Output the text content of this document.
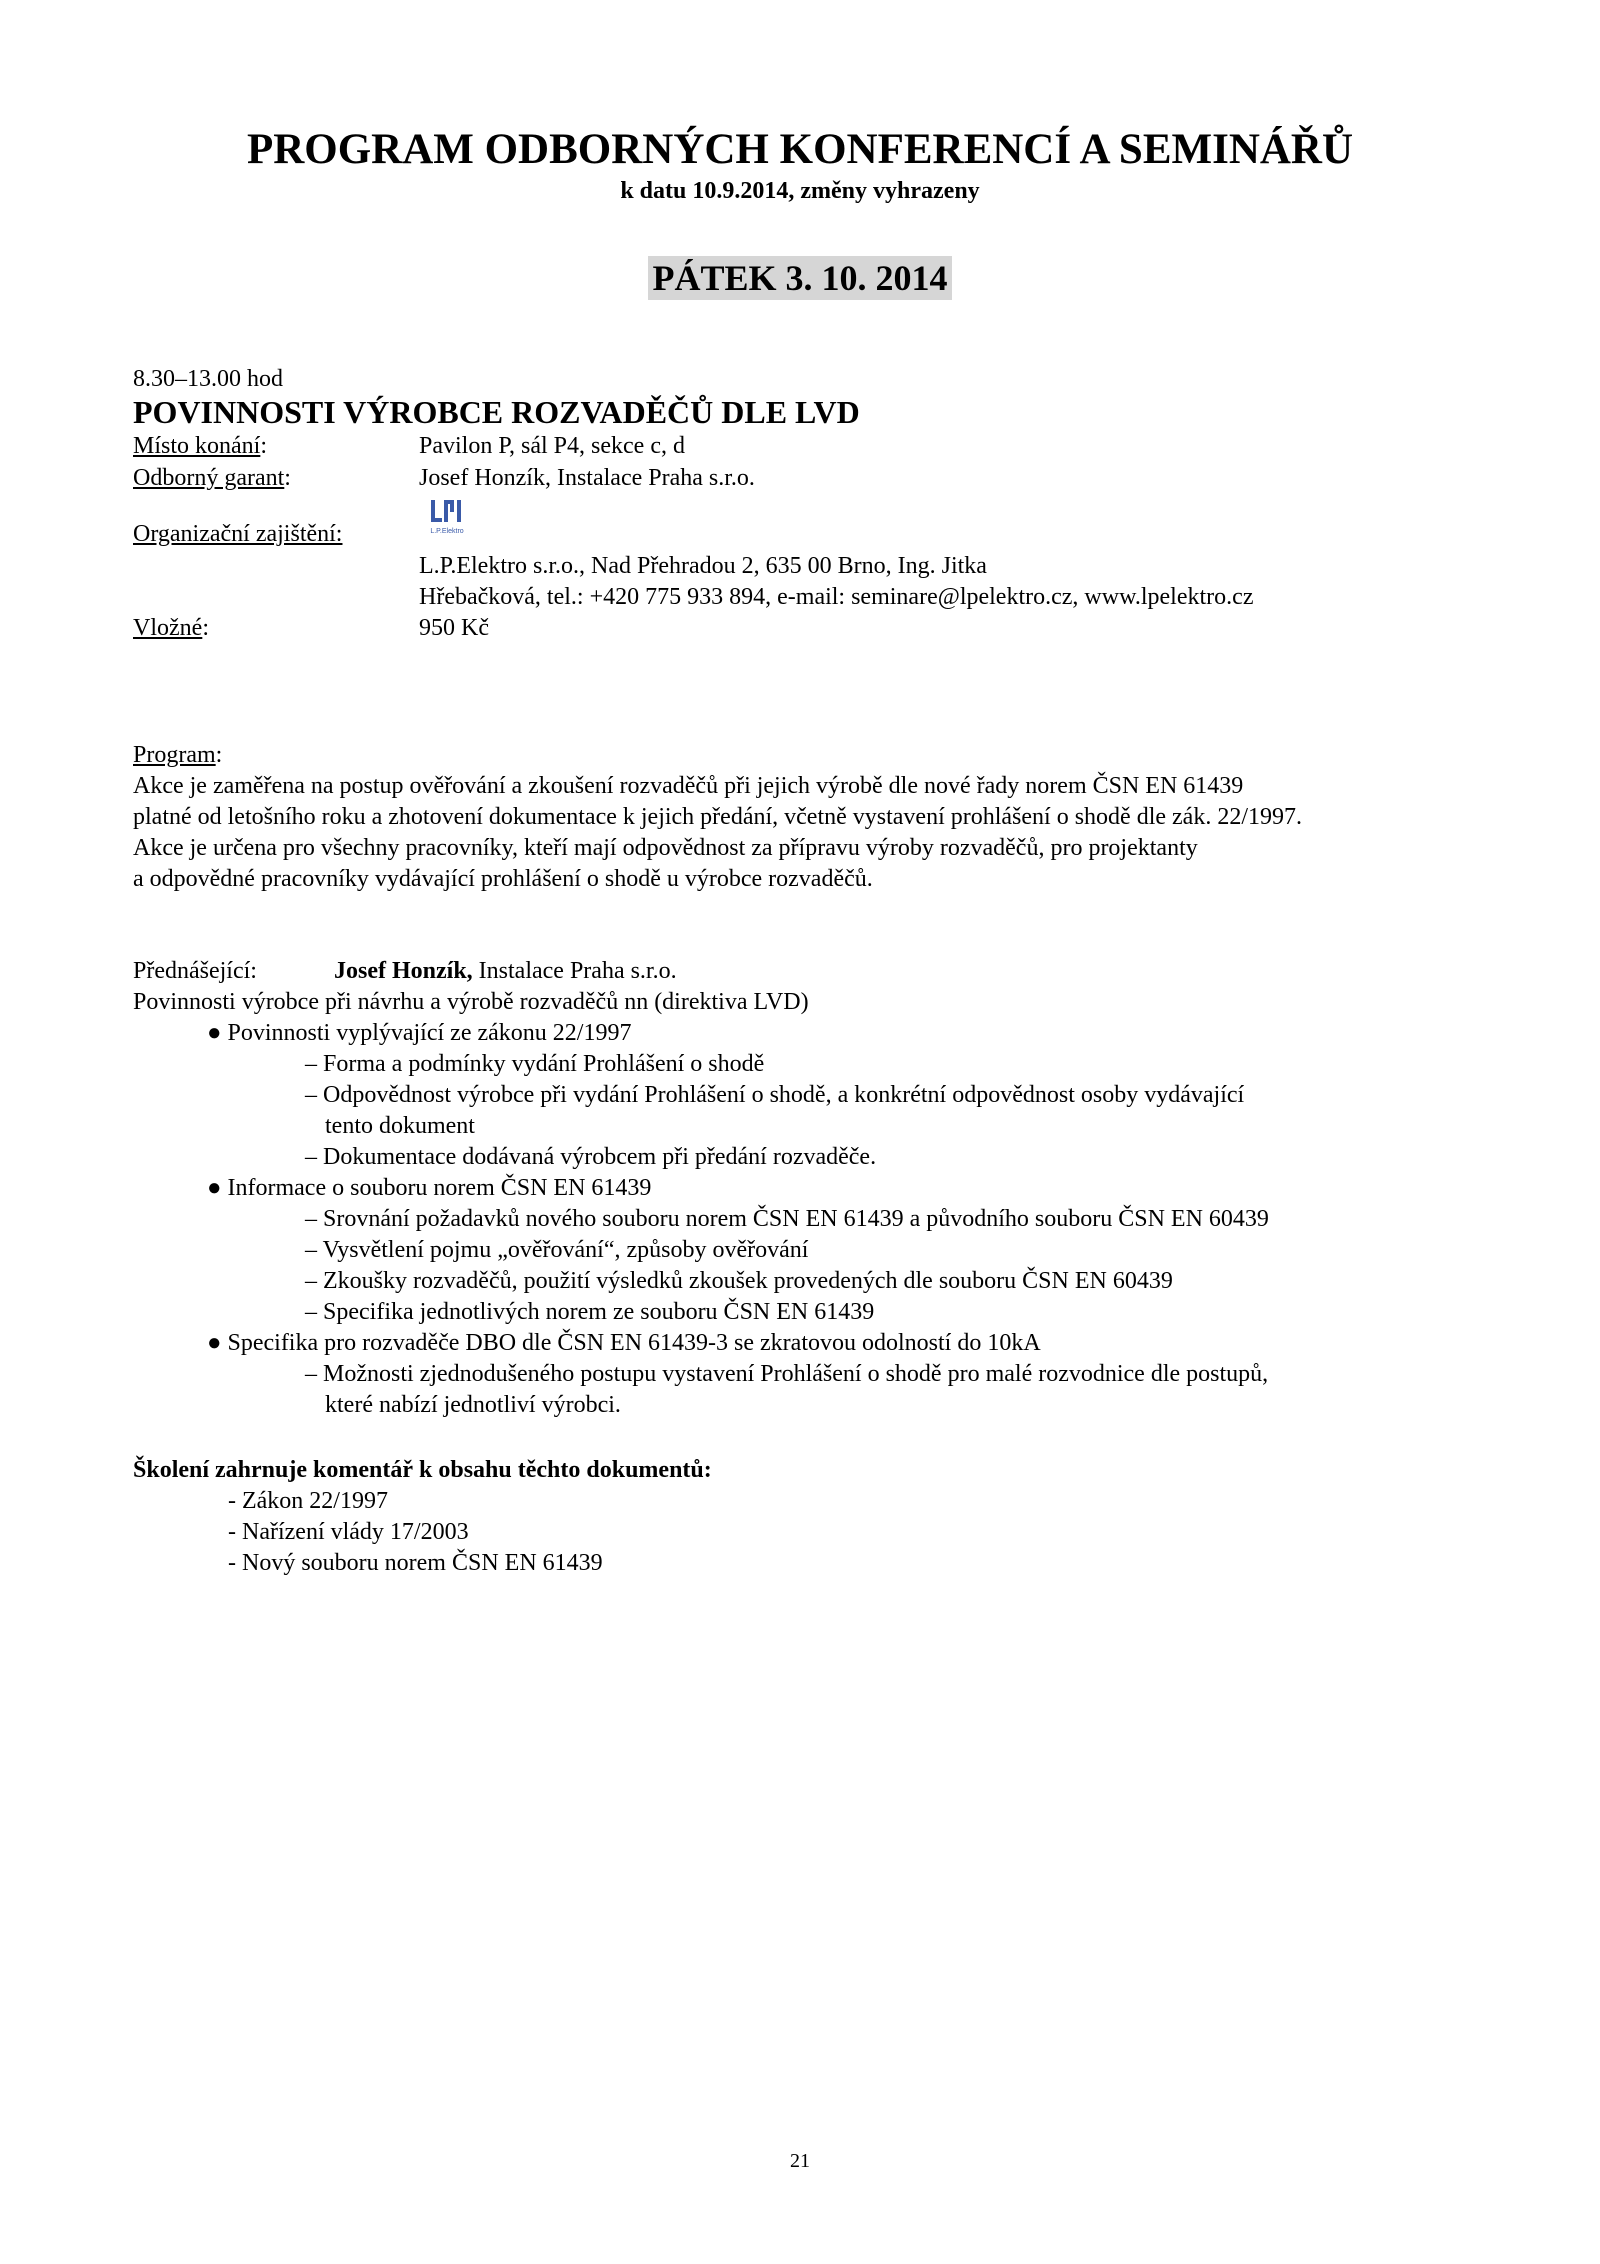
PROGRAM ODBORNÝCH KONFERENCÍ A SEMINÁŘŮ
k datu 10.9.2014, změny vyhrazeny
PÁTEK 3. 10. 2014
8.30–13.00 hod
POVINNOSTI VÝROBCE ROZVADĚČŮ DLE LVD
Místo konání:	Pavilon P, sál P4, sekce c, d
Odborný garant:	Josef Honzík, Instalace Praha s.r.o.
Organizační zajištění:	L.P.Elektro
L.P.Elektro s.r.o., Nad Přehradou 2, 635 00 Brno, Ing. Jitka
Hřebačková, tel.: +420 775 933 894, e-mail: seminare@lpelektro.cz, www.lpelektro.cz
Vložné:	950 Kč
Program:
Akce je zaměřena na postup ověřování a zkoušení rozvaděčů při jejich výrobě dle nové řady norem ČSN EN 61439
platné od letošního roku a zhotovení dokumentace k jejich předání, včetně vystavení prohlášení o shodě dle zák. 22/1997.
Akce je určena pro všechny pracovníky, kteří mají odpovědnost za přípravu výroby rozvaděčů, pro projektanty
a odpovědné pracovníky vydávající prohlášení o shodě u výrobce rozvaděčů.
Přednášející:	Josef Honzík, Instalace Praha s.r.o.
Povinnosti výrobce při návrhu a výrobě rozvaděčů nn (direktiva LVD)
● Povinnosti vyplývající ze zákonu 22/1997
– Forma a podmínky vydání Prohlášení o shodě
– Odpovědnost výrobce při vydání Prohlášení o shodě, a konkrétní odpovědnost osoby vydávající
tento dokument
– Dokumentace dodávaná výrobcem při předání rozvaděče.
● Informace o souboru norem ČSN EN 61439
– Srovnání požadavků nového souboru norem ČSN EN 61439 a původního souboru ČSN EN 60439
– Vysvětlení pojmu „ověřování“, způsoby ověřování
– Zkoušky rozvaděčů, použití výsledků zkoušek provedených dle souboru ČSN EN 60439
– Specifika jednotlivých norem ze souboru ČSN EN 61439
● Specifika pro rozvaděče DBO dle ČSN EN 61439-3 se zkratovou odolností do 10kA
– Možnosti zjednodušeného postupu vystavení Prohlášení o shodě pro malé rozvodnice dle postupů,
které nabízí jednotliví výrobci.
Školení zahrnuje komentář k obsahu těchto dokumentů:
- Zákon 22/1997
- Nařízení vlády 17/2003
- Nový souboru norem ČSN EN 61439
21
